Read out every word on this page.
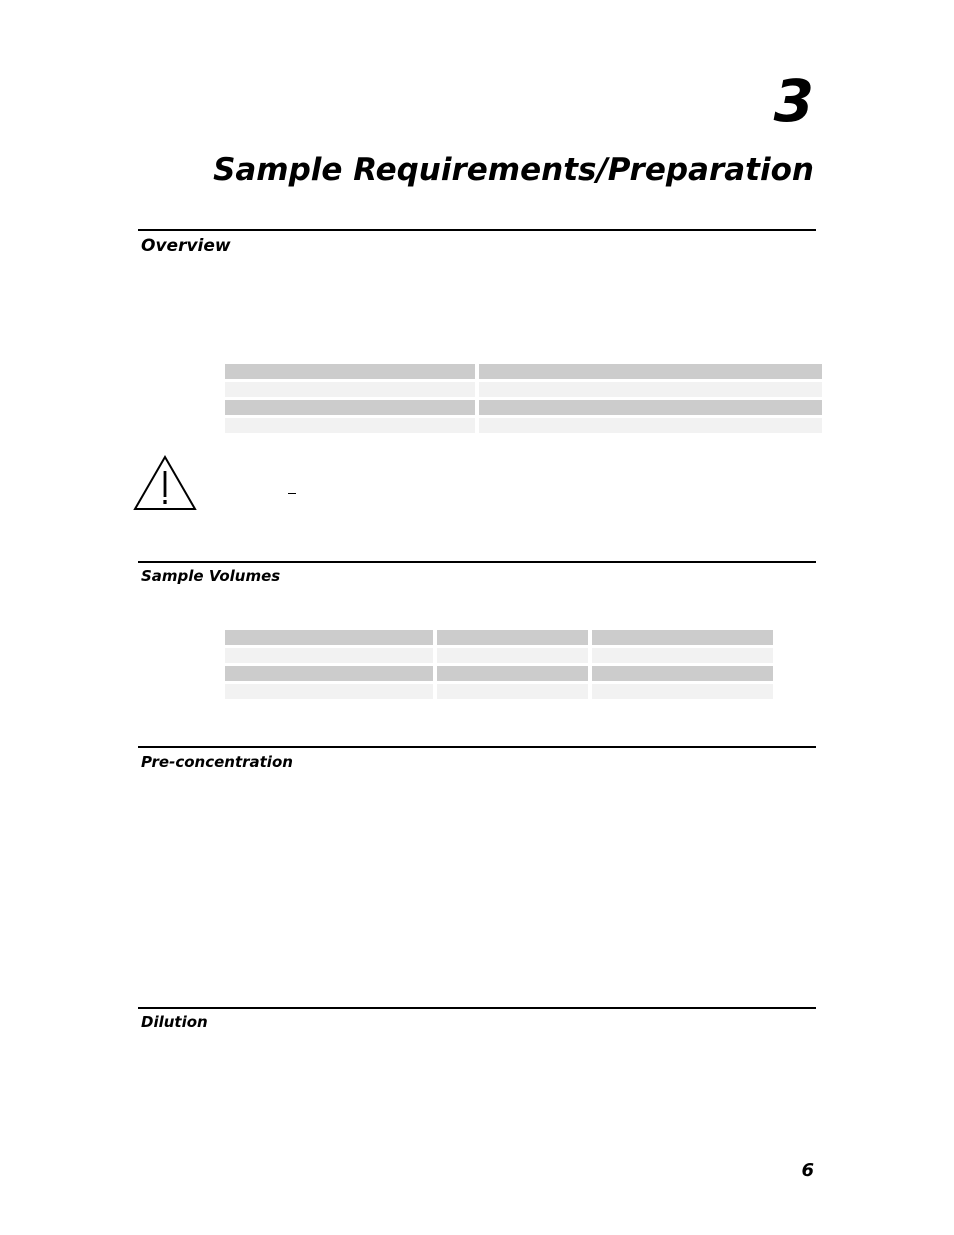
3
Sample Requirements/Preparation
Overview
Sample Volumes
Pre-concentration
Dilution

6
